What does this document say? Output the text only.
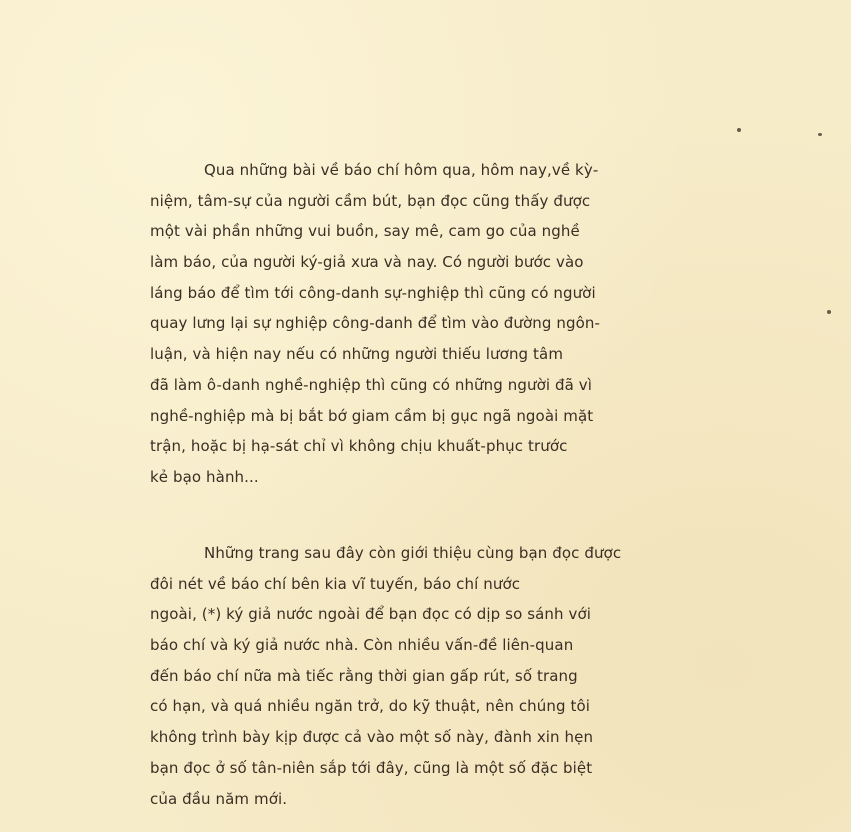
Qua những bài về báo chí hôm qua, hôm nay,về kỳ-
niệm, tâm-sự của người cầm bút, bạn đọc cũng thấy được
một vài phần những vui buồn, say mê, cam go của nghề
làm báo, của người ký-giả xưa và nay. Có người bước vào
láng báo để tìm tới công-danh sự-nghiệp thì cũng có người
quay lưng lại sự nghiệp công-danh để tìm vào đường ngôn-
luận, và hiện nay nếu có những người thiếu lương tâm
đã làm ô-danh nghề-nghiệp thì cũng có những người đã vì
nghề-nghiệp mà bị bắt bớ giam cầm bị gục ngã ngoài mặt
trận, hoặc bị hạ-sát chỉ vì không chịu khuất-phục trước
kẻ bạo hành...
Những trang sau đây còn giới thiệu cùng bạn đọc được
đôi nét về báo chí bên kia vĩ tuyến, báo chí nước
ngoài, (*) ký giả nước ngoài để bạn đọc có dịp so sánh với
báo chí và ký giả nước nhà. Còn nhiều vấn-đề liên-quan
đến báo chí nữa mà tiếc rằng thời gian gấp rút, số trang
có hạn, và quá nhiều ngăn trở, do kỹ thuật, nên chúng tôi
không trình bày kịp được cả vào một số này, đành xin hẹn
bạn đọc ở số tân-niên sắp tới đây, cũng là một số đặc biệt
của đầu năm mới.
